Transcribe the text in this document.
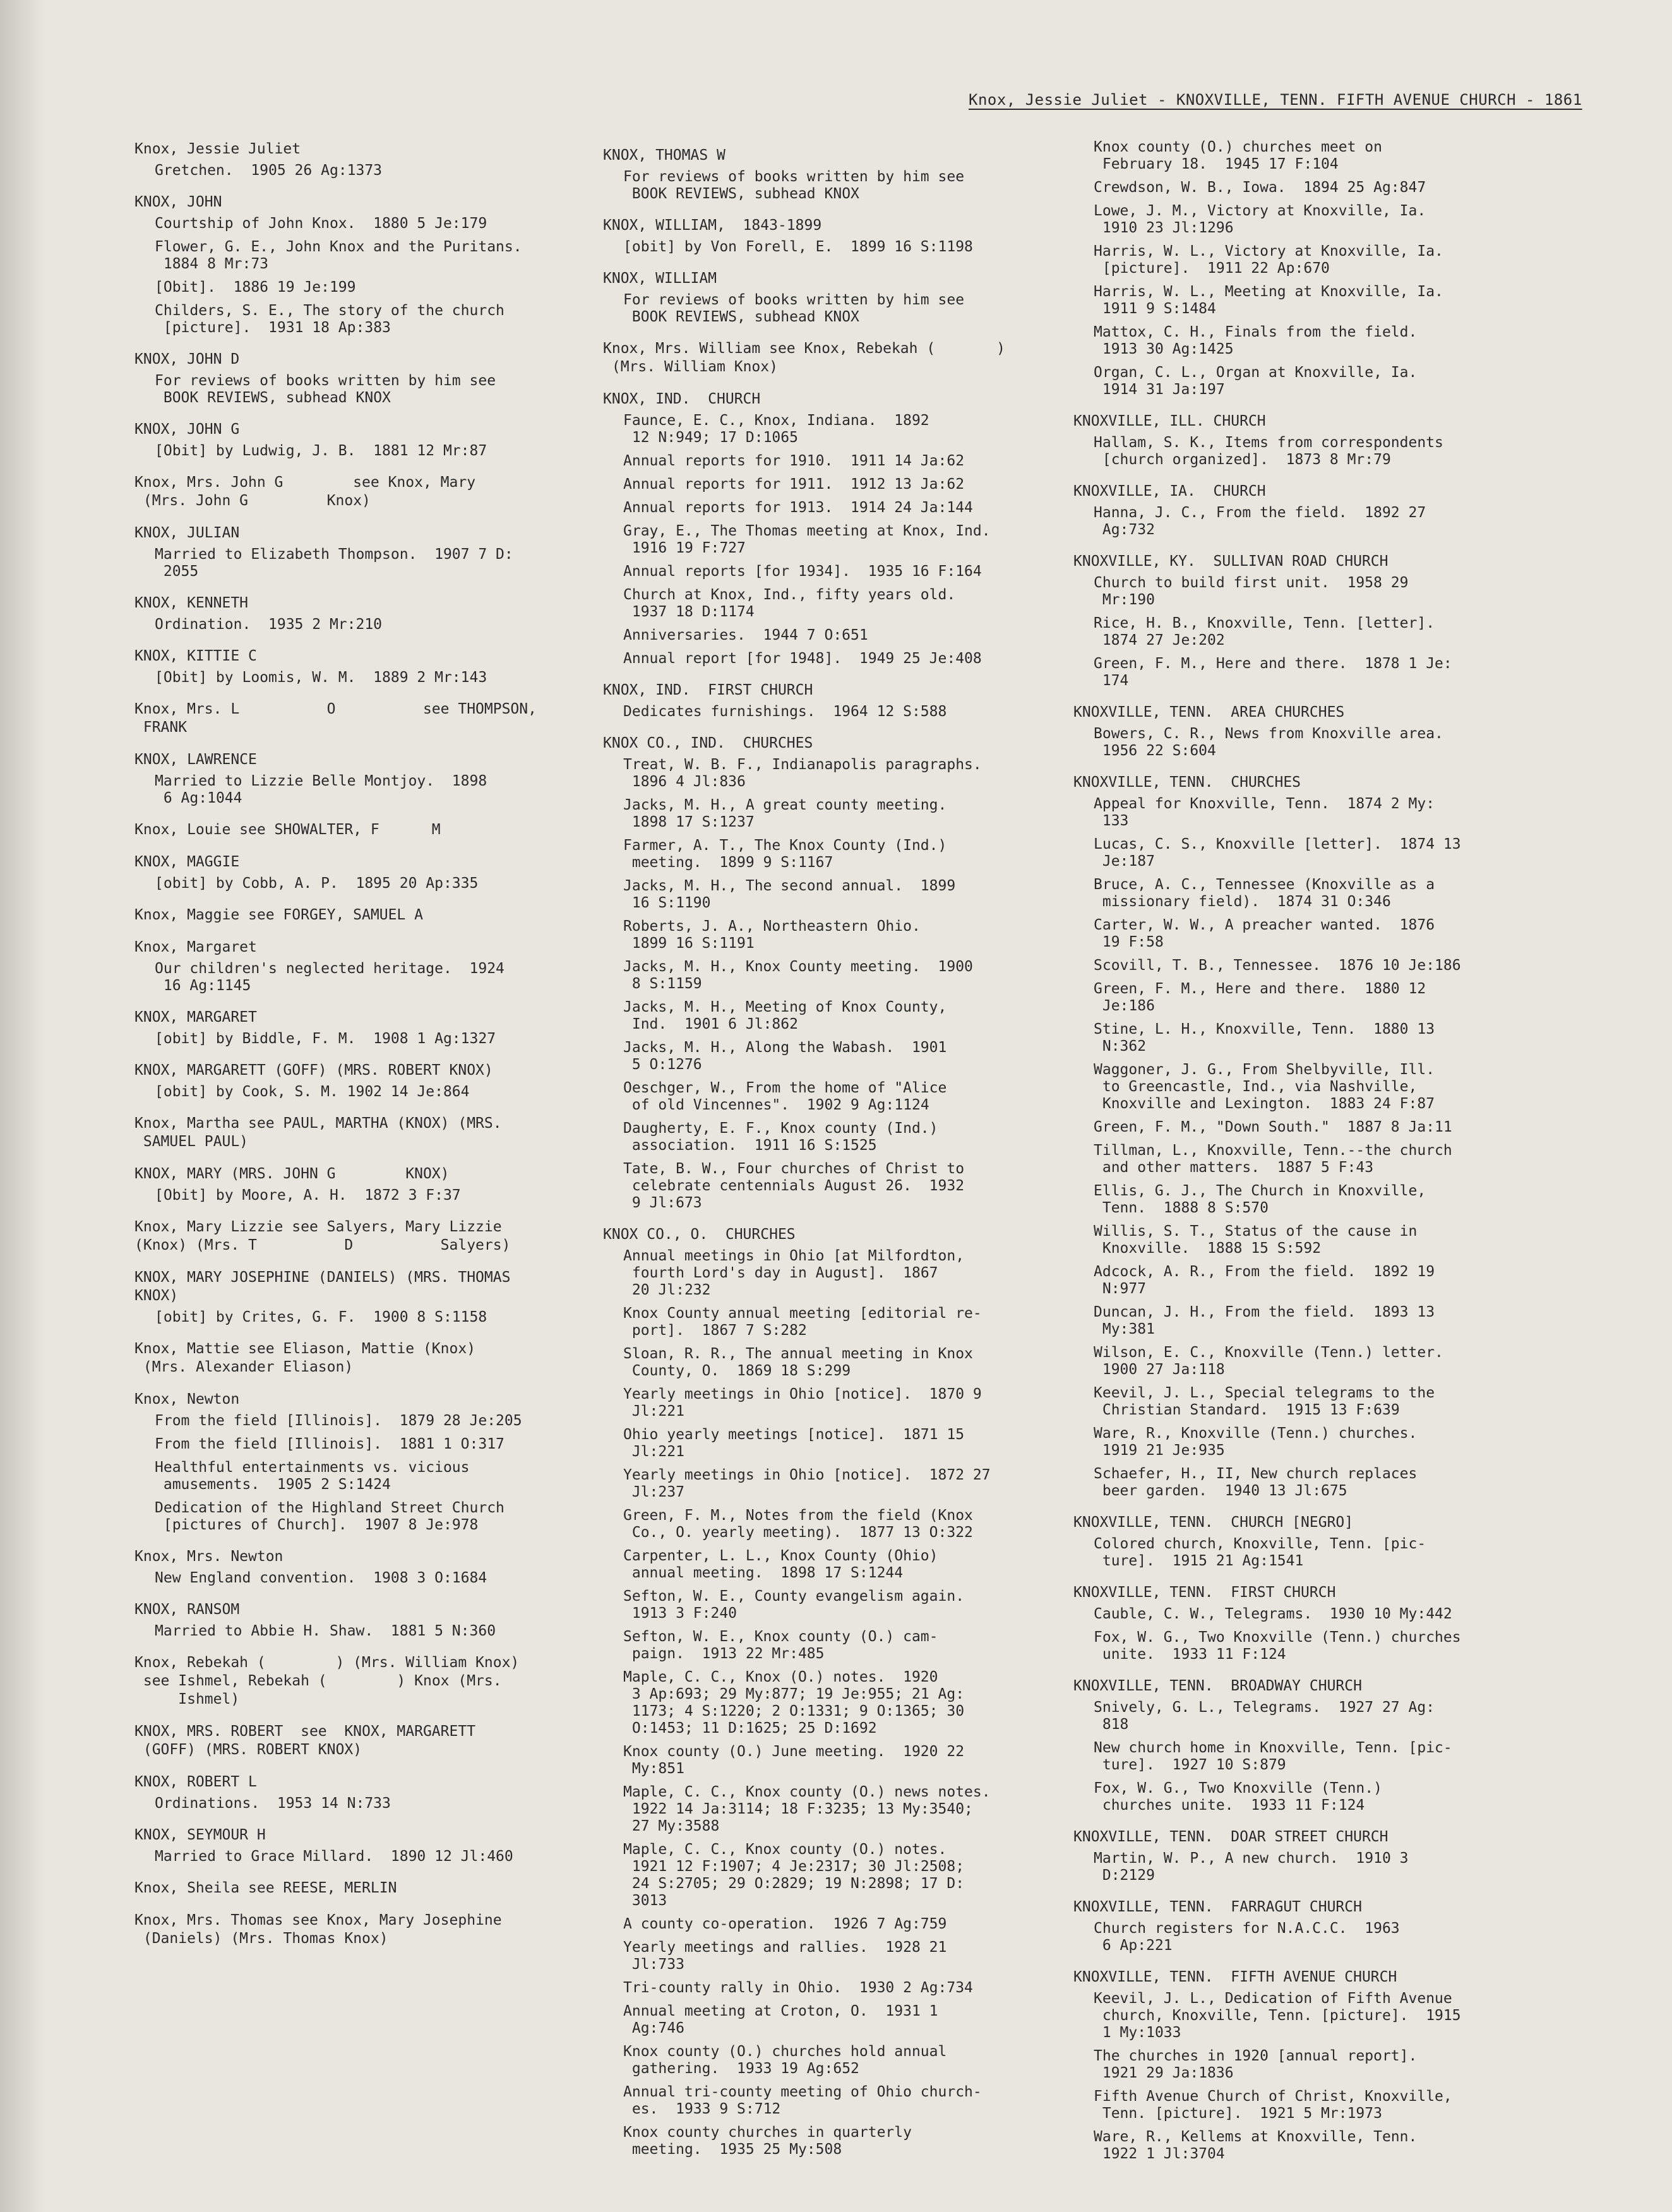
Knox, Jessie Juliet - KNOXVILLE, TENN. FIFTH AVENUE CHURCH - 1861
Knox, Jessie Juliet
Gretchen.  1905 26 Ag:1373
KNOX, JOHN
Courtship of John Knox.  1880 5 Je:179
Flower, G. E., John Knox and the Puritans.
1884 8 Mr:73
[Obit].  1886 19 Je:199
Childers, S. E., The story of the church
[picture].  1931 18 Ap:383
KNOX, JOHN D
For reviews of books written by him see
BOOK REVIEWS, subhead KNOX
KNOX, JOHN G
[Obit] by Ludwig, J. B.  1881 12 Mr:87
Knox, Mrs. John G        see Knox, Mary
(Mrs. John G         Knox)
KNOX, JULIAN
Married to Elizabeth Thompson.  1907 7 D:
2055
KNOX, KENNETH
Ordination.  1935 2 Mr:210
KNOX, KITTIE C
[Obit] by Loomis, W. M.  1889 2 Mr:143
Knox, Mrs. L          O          see THOMPSON,
FRANK
KNOX, LAWRENCE
Married to Lizzie Belle Montjoy.  1898
6 Ag:1044
Knox, Louie see SHOWALTER, F      M
KNOX, MAGGIE
[obit] by Cobb, A. P.  1895 20 Ap:335
Knox, Maggie see FORGEY, SAMUEL A
Knox, Margaret
Our children's neglected heritage.  1924
16 Ag:1145
KNOX, MARGARET
[obit] by Biddle, F. M.  1908 1 Ag:1327
KNOX, MARGARETT (GOFF) (MRS. ROBERT KNOX)
[obit] by Cook, S. M. 1902 14 Je:864
Knox, Martha see PAUL, MARTHA (KNOX) (MRS.
SAMUEL PAUL)
KNOX, MARY (MRS. JOHN G        KNOX)
[Obit] by Moore, A. H.  1872 3 F:37
Knox, Mary Lizzie see Salyers, Mary Lizzie
(Knox) (Mrs. T          D          Salyers)
KNOX, MARY JOSEPHINE (DANIELS) (MRS. THOMAS
KNOX)
[obit] by Crites, G. F.  1900 8 S:1158
Knox, Mattie see Eliason, Mattie (Knox)
(Mrs. Alexander Eliason)
Knox, Newton
From the field [Illinois].  1879 28 Je:205
From the field [Illinois].  1881 1 O:317
Healthful entertainments vs. vicious
amusements.  1905 2 S:1424
Dedication of the Highland Street Church
[pictures of Church].  1907 8 Je:978
Knox, Mrs. Newton
New England convention.  1908 3 O:1684
KNOX, RANSOM
Married to Abbie H. Shaw.  1881 5 N:360
Knox, Rebekah (        ) (Mrs. William Knox)
see Ishmel, Rebekah (        ) Knox (Mrs.
Ishmel)
KNOX, MRS. ROBERT  see  KNOX, MARGARETT
(GOFF) (MRS. ROBERT KNOX)
KNOX, ROBERT L
Ordinations.  1953 14 N:733
KNOX, SEYMOUR H
Married to Grace Millard.  1890 12 Jl:460
Knox, Sheila see REESE, MERLIN
Knox, Mrs. Thomas see Knox, Mary Josephine
(Daniels) (Mrs. Thomas Knox)
KNOX, THOMAS W
For reviews of books written by him see
BOOK REVIEWS, subhead KNOX
KNOX, WILLIAM,  1843-1899
[obit] by Von Forell, E.  1899 16 S:1198
KNOX, WILLIAM
For reviews of books written by him see
BOOK REVIEWS, subhead KNOX
Knox, Mrs. William see Knox, Rebekah (       )
(Mrs. William Knox)
KNOX, IND.  CHURCH
Faunce, E. C., Knox, Indiana.  1892
12 N:949; 17 D:1065
Annual reports for 1910.  1911 14 Ja:62
Annual reports for 1911.  1912 13 Ja:62
Annual reports for 1913.  1914 24 Ja:144
Gray, E., The Thomas meeting at Knox, Ind.
1916 19 F:727
Annual reports [for 1934].  1935 16 F:164
Church at Knox, Ind., fifty years old.
1937 18 D:1174
Anniversaries.  1944 7 O:651
Annual report [for 1948].  1949 25 Je:408
KNOX, IND.  FIRST CHURCH
Dedicates furnishings.  1964 12 S:588
KNOX CO., IND.  CHURCHES
Treat, W. B. F., Indianapolis paragraphs.
1896 4 Jl:836
Jacks, M. H., A great county meeting.
1898 17 S:1237
Farmer, A. T., The Knox County (Ind.)
meeting.  1899 9 S:1167
Jacks, M. H., The second annual.  1899
16 S:1190
Roberts, J. A., Northeastern Ohio.
1899 16 S:1191
Jacks, M. H., Knox County meeting.  1900
8 S:1159
Jacks, M. H., Meeting of Knox County,
Ind.  1901 6 Jl:862
Jacks, M. H., Along the Wabash.  1901
5 O:1276
Oeschger, W., From the home of "Alice
of old Vincennes".  1902 9 Ag:1124
Daugherty, E. F., Knox county (Ind.)
association.  1911 16 S:1525
Tate, B. W., Four churches of Christ to
celebrate centennials August 26.  1932
9 Jl:673
KNOX CO., O.  CHURCHES
Annual meetings in Ohio [at Milfordton,
fourth Lord's day in August].  1867
20 Jl:232
Knox County annual meeting [editorial re-
port].  1867 7 S:282
Sloan, R. R., The annual meeting in Knox
County, O.  1869 18 S:299
Yearly meetings in Ohio [notice].  1870 9
Jl:221
Ohio yearly meetings [notice].  1871 15
Jl:221
Yearly meetings in Ohio [notice].  1872 27
Jl:237
Green, F. M., Notes from the field (Knox
Co., O. yearly meeting).  1877 13 O:322
Carpenter, L. L., Knox County (Ohio)
annual meeting.  1898 17 S:1244
Sefton, W. E., County evangelism again.
1913 3 F:240
Sefton, W. E., Knox county (O.) cam-
paign.  1913 22 Mr:485
Maple, C. C., Knox (O.) notes.  1920
3 Ap:693; 29 My:877; 19 Je:955; 21 Ag:
1173; 4 S:1220; 2 O:1331; 9 O:1365; 30
O:1453; 11 D:1625; 25 D:1692
Knox county (O.) June meeting.  1920 22
My:851
Maple, C. C., Knox county (O.) news notes.
1922 14 Ja:3114; 18 F:3235; 13 My:3540;
27 My:3588
Maple, C. C., Knox county (O.) notes.
1921 12 F:1907; 4 Je:2317; 30 Jl:2508;
24 S:2705; 29 O:2829; 19 N:2898; 17 D:
3013
A county co-operation.  1926 7 Ag:759
Yearly meetings and rallies.  1928 21
Jl:733
Tri-county rally in Ohio.  1930 2 Ag:734
Annual meeting at Croton, O.  1931 1
Ag:746
Knox county (O.) churches hold annual
gathering.  1933 19 Ag:652
Annual tri-county meeting of Ohio church-
es.  1933 9 S:712
Knox county churches in quarterly
meeting.  1935 25 My:508
Knox county (O.) churches meet on
February 18.  1945 17 F:104
Crewdson, W. B., Iowa.  1894 25 Ag:847
Lowe, J. M., Victory at Knoxville, Ia.
1910 23 Jl:1296
Harris, W. L., Victory at Knoxville, Ia.
[picture].  1911 22 Ap:670
Harris, W. L., Meeting at Knoxville, Ia.
1911 9 S:1484
Mattox, C. H., Finals from the field.
1913 30 Ag:1425
Organ, C. L., Organ at Knoxville, Ia.
1914 31 Ja:197
KNOXVILLE, ILL. CHURCH
Hallam, S. K., Items from correspondents
[church organized].  1873 8 Mr:79
KNOXVILLE, IA.  CHURCH
Hanna, J. C., From the field.  1892 27
Ag:732
KNOXVILLE, KY.  SULLIVAN ROAD CHURCH
Church to build first unit.  1958 29
Mr:190
Rice, H. B., Knoxville, Tenn. [letter].
1874 27 Je:202
Green, F. M., Here and there.  1878 1 Je:
174
KNOXVILLE, TENN.  AREA CHURCHES
Bowers, C. R., News from Knoxville area.
1956 22 S:604
KNOXVILLE, TENN.  CHURCHES
Appeal for Knoxville, Tenn.  1874 2 My:
133
Lucas, C. S., Knoxville [letter].  1874 13
Je:187
Bruce, A. C., Tennessee (Knoxville as a
missionary field).  1874 31 O:346
Carter, W. W., A preacher wanted.  1876
19 F:58
Scovill, T. B., Tennessee.  1876 10 Je:186
Green, F. M., Here and there.  1880 12
Je:186
Stine, L. H., Knoxville, Tenn.  1880 13
N:362
Waggoner, J. G., From Shelbyville, Ill.
to Greencastle, Ind., via Nashville,
Knoxville and Lexington.  1883 24 F:87
Green, F. M., "Down South."  1887 8 Ja:11
Tillman, L., Knoxville, Tenn.--the church
and other matters.  1887 5 F:43
Ellis, G. J., The Church in Knoxville,
Tenn.  1888 8 S:570
Willis, S. T., Status of the cause in
Knoxville.  1888 15 S:592
Adcock, A. R., From the field.  1892 19
N:977
Duncan, J. H., From the field.  1893 13
My:381
Wilson, E. C., Knoxville (Tenn.) letter.
1900 27 Ja:118
Keevil, J. L., Special telegrams to the
Christian Standard.  1915 13 F:639
Ware, R., Knoxville (Tenn.) churches.
1919 21 Je:935
Schaefer, H., II, New church replaces
beer garden.  1940 13 Jl:675
KNOXVILLE, TENN.  CHURCH [NEGRO]
Colored church, Knoxville, Tenn. [pic-
ture].  1915 21 Ag:1541
KNOXVILLE, TENN.  FIRST CHURCH
Cauble, C. W., Telegrams.  1930 10 My:442
Fox, W. G., Two Knoxville (Tenn.) churches
unite.  1933 11 F:124
KNOXVILLE, TENN.  BROADWAY CHURCH
Snively, G. L., Telegrams.  1927 27 Ag:
818
New church home in Knoxville, Tenn. [pic-
ture].  1927 10 S:879
Fox, W. G., Two Knoxville (Tenn.)
churches unite.  1933 11 F:124
KNOXVILLE, TENN.  DOAR STREET CHURCH
Martin, W. P., A new church.  1910 3
D:2129
KNOXVILLE, TENN.  FARRAGUT CHURCH
Church registers for N.A.C.C.  1963
6 Ap:221
KNOXVILLE, TENN.  FIFTH AVENUE CHURCH
Keevil, J. L., Dedication of Fifth Avenue
church, Knoxville, Tenn. [picture].  1915
1 My:1033
The churches in 1920 [annual report].
1921 29 Ja:1836
Fifth Avenue Church of Christ, Knoxville,
Tenn. [picture].  1921 5 Mr:1973
Ware, R., Kellems at Knoxville, Tenn.
1922 1 Jl:3704
